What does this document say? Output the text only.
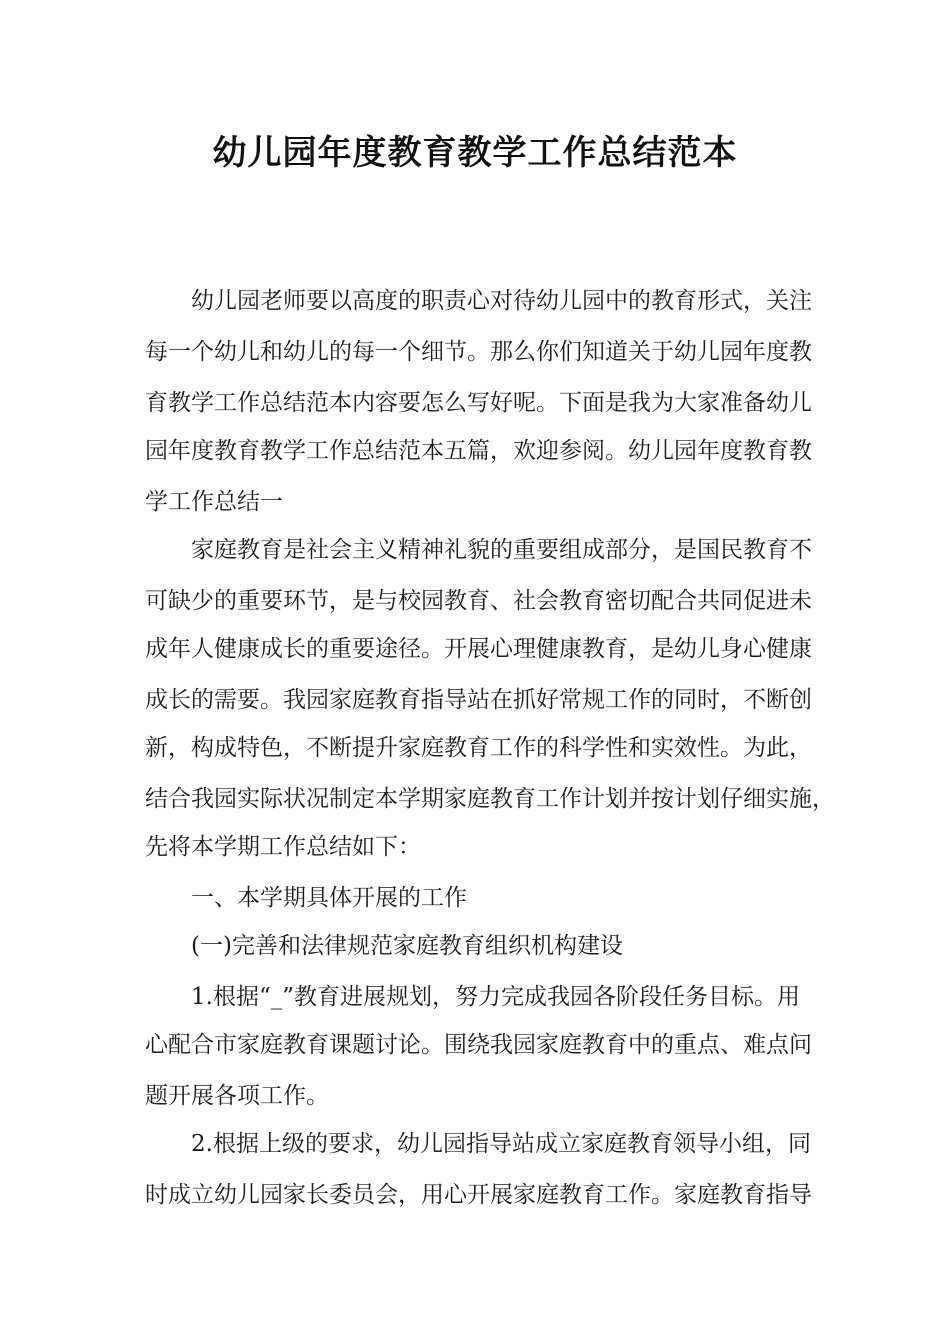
幼儿园年度教育教学工作总结范本

幼儿园老师要以高度的职责心对待幼儿园中的教育形式，关注

每一个幼儿和幼儿的每一个细节。那么你们知道关于幼儿园年度教

育教学工作总结范本内容要怎么写好呢。下面是我为大家准备幼儿

园年度教育教学工作总结范本五篇，欢迎参阅。幼儿园年度教育教

学工作总结一

家庭教育是社会主义精神礼貌的重要组成部分，是国民教育不

可缺少的重要环节，是与校园教育、社会教育密切配合共同促进未

成年人健康成长的重要途径。开展心理健康教育，是幼儿身心健康

成长的需要。我园家庭教育指导站在抓好常规工作的同时，不断创

新，构成特色，不断提升家庭教育工作的科学性和实效性。为此，

结合我园实际状况制定本学期家庭教育工作计划并按计划仔细实施，

先将本学期工作总结如下：

一、本学期具体开展的工作

(一)完善和法律规范家庭教育组织机构建设

1.根据“_”教育进展规划，努力完成我园各阶段任务目标。用

心配合市家庭教育课题讨论。围绕我园家庭教育中的重点、难点问

题开展各项工作。

2.根据上级的要求，幼儿园指导站成立家庭教育领导小组，同

时成立幼儿园家长委员会，用心开展家庭教育工作。家庭教育指导
